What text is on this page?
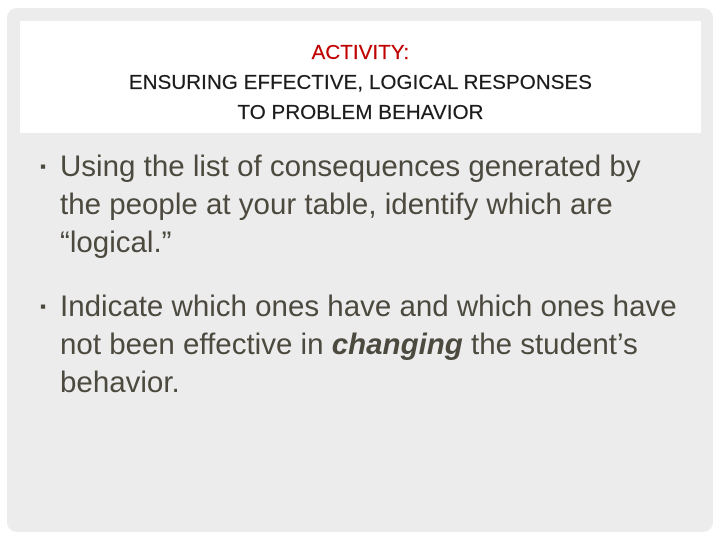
ACTIVITY:
ENSURING EFFECTIVE, LOGICAL RESPONSES
TO PROBLEM BEHAVIOR
▪ Using the list of consequences generated by the people at your table, identify which are “logical.”
▪ Indicate which ones have and which ones have not been effective in changing the student’s behavior.
